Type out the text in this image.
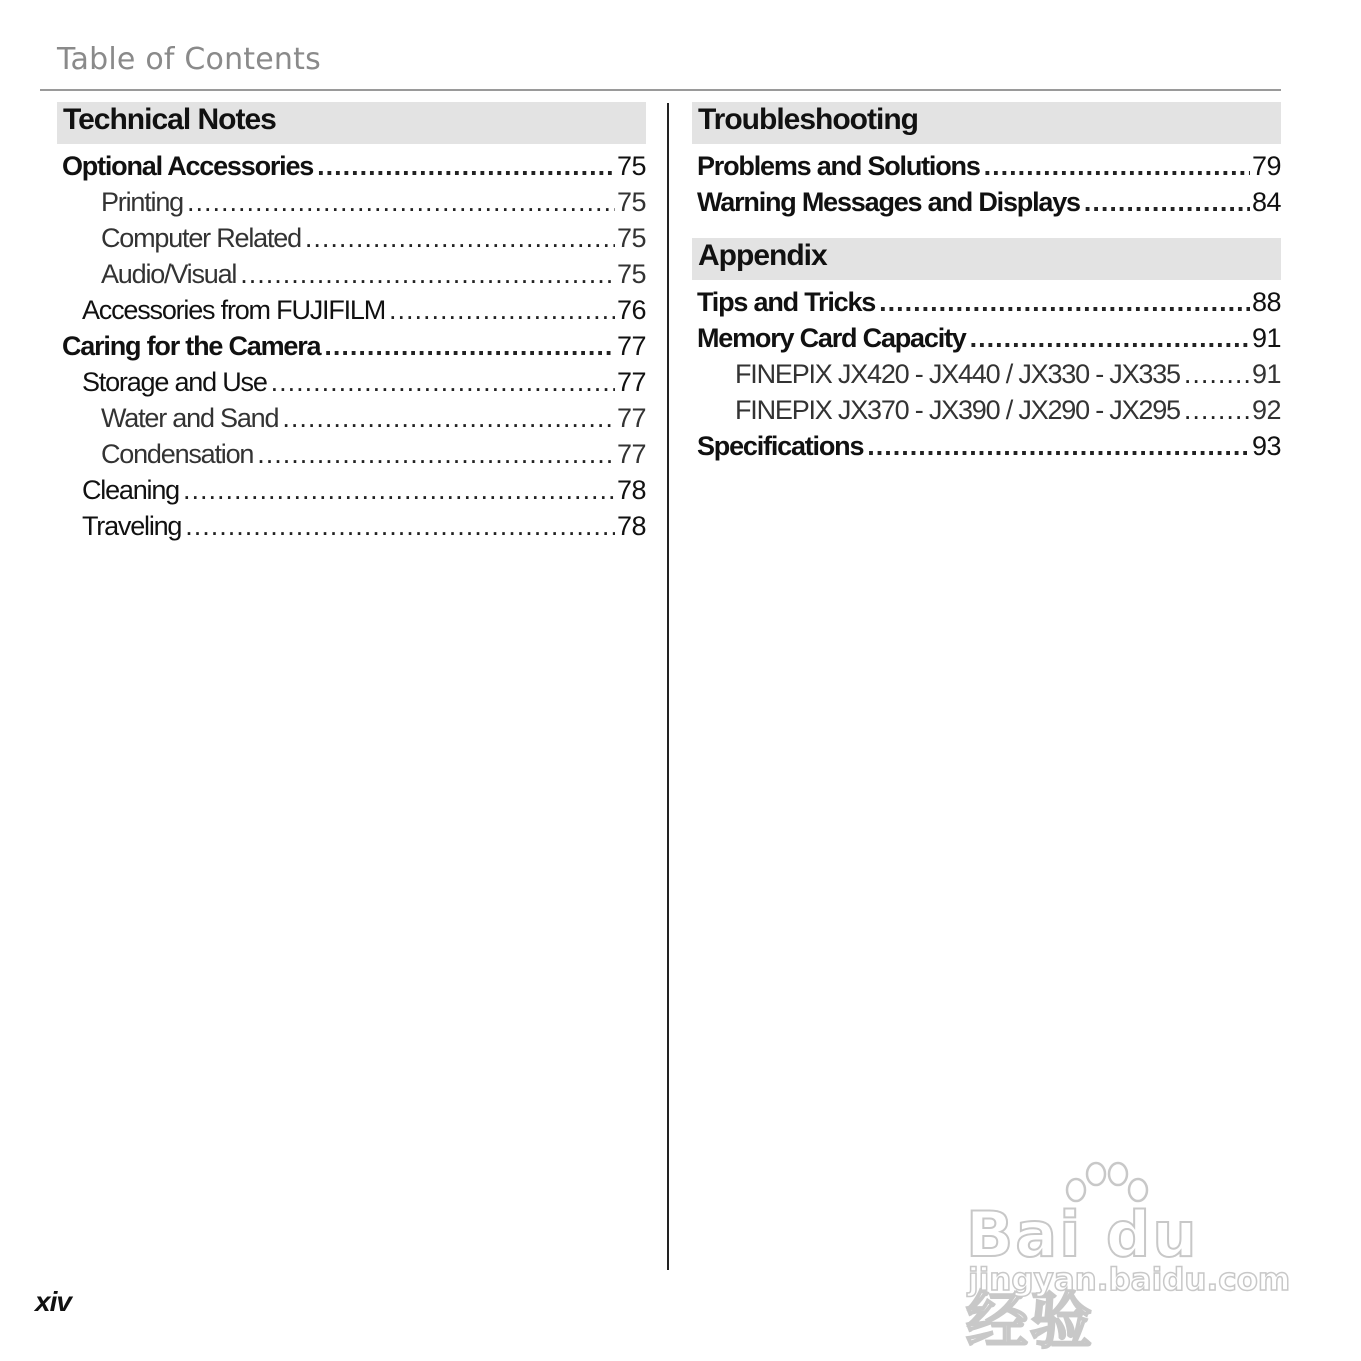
Table of Contents
Technical Notes
Optional Accessories .....	75
Printing .....	75
Computer Related .....	75
Audio/Visual .....	75
Accessories from FUJIFILM .....	76
Caring for the Camera .....	77
Storage and Use .....	77
Water and Sand .....	77
Condensation .....	77
Cleaning .....	78
Traveling .....	78
Troubleshooting
Problems and Solutions .....	79
Warning Messages and Displays .....	84
Appendix
Tips and Tricks .....	88
Memory Card Capacity .....	91
FINEPIX JX420 - JX440 / JX330 - JX335 .....	91
FINEPIX JX370 - JX390 / JX290 - JX295 .....	92
Specifications .....	93
xiv
Bai du 经验
jingyan.baidu.com
